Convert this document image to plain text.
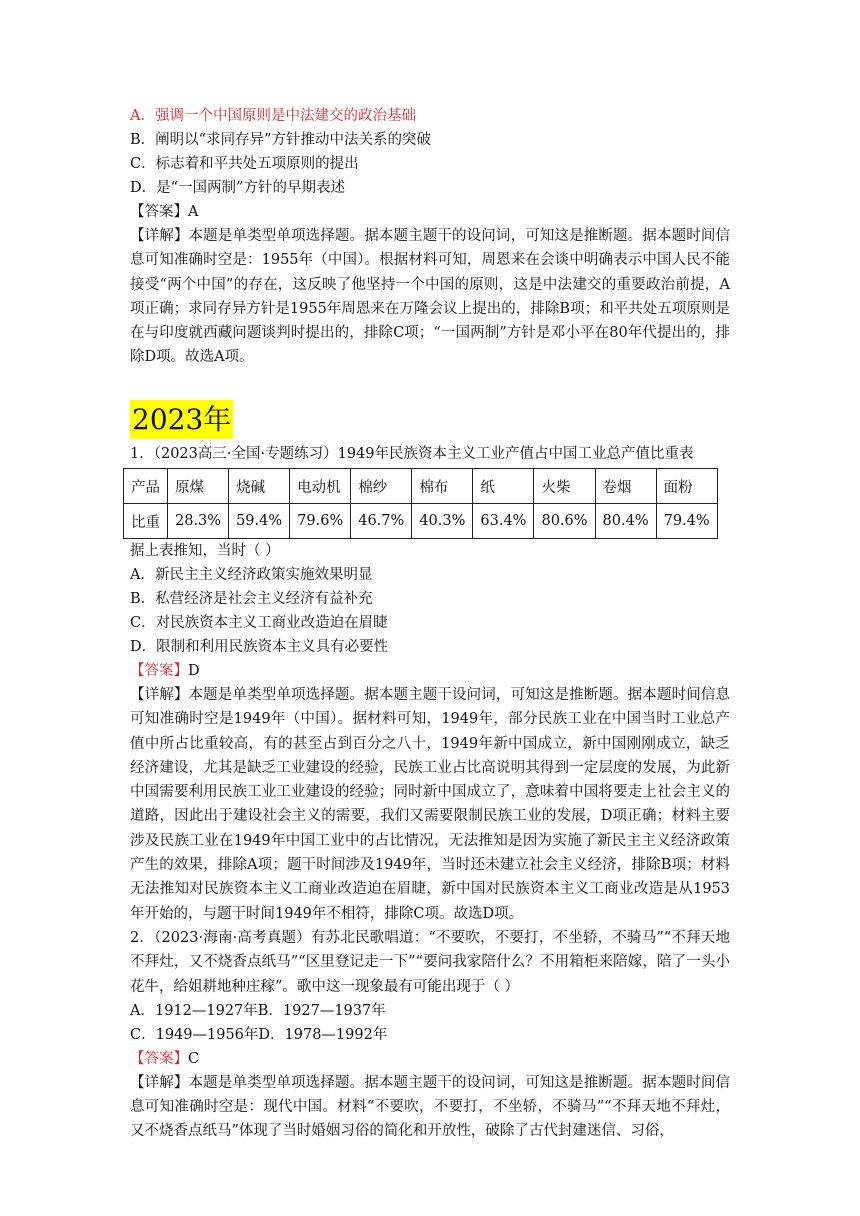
A．强调一个中国原则是中法建交的政治基础
B．阐明以“求同存异”方针推动中法关系的突破
C．标志着和平共处五项原则的提出
D．是“一国两制”方针的早期表述
【答案】A

【详解】本题是单类型单项选择题。据本题主题干的设问词，可知这是推断题。据本题时间信息可知准确时空是：1955年（中国）。根据材料可知，周恩来在会谈中明确表示中国人民不能接受“两个中国”的存在，这反映了他坚持一个中国的原则，这是中法建交的重要政治前提，A项正确；求同存异方针是1955年周恩来在万隆会议上提出的，排除B项；和平共处五项原则是在与印度就西藏问题谈判时提出的，排除C项；“一国两制”方针是邓小平在80年代提出的，排除D项。故选A项。

2023年
1．（2023高三·全国·专题练习）1949年民族资本主义工业产值占中国工业总产值比重表
产品	原煤	烧碱	电动机	棉纱	棉布	纸	火柴	卷烟	面粉
比重	28.3%	59.4%	79.6%	46.7%	40.3%	63.4%	80.6%	80.4%	79.4%
据上表推知，当时（ ）
A．新民主主义经济政策实施效果明显
B．私营经济是社会主义经济有益补充
C．对民族资本主义工商业改造迫在眉睫
D．限制和利用民族资本主义具有必要性
【答案】D

【详解】本题是单类型单项选择题。据本题主题干设问词，可知这是推断题。据本题时间信息可知准确时空是1949年（中国）。据材料可知，1949年，部分民族工业在中国当时工业总产值中所占比重较高，有的甚至占到百分之八十，1949年新中国成立，新中国刚刚成立，缺乏经济建设，尤其是缺乏工业建设的经验，民族工业占比高说明其得到一定层度的发展，为此新中国需要利用民族工业工业建设的经验；同时新中国成立了，意味着中国将要走上社会主义的道路，因此出于建设社会主义的需要，我们又需要限制民族工业的发展，D项正确；材料主要涉及民族工业在1949年中国工业中的占比情况，无法推知是因为实施了新民主主义经济政策产生的效果，排除A项；题干时间涉及1949年，当时还未建立社会主义经济，排除B项；材料无法推知对民族资本主义工商业改造迫在眉睫，新中国对民族资本主义工商业改造是从1953年开始的，与题干时间1949年不相符，排除C项。故选D项。

2．（2023·海南·高考真题）有苏北民歌唱道：“不要吹，不要打，不坐轿，不骑马”“不拜天地不拜灶，又不烧香点纸马”“区里登记走一下”“要问我家陪什么？不用箱柜来陪嫁，陪了一头小花牛，给姐耕地种庄稼”。歌中这一现象最有可能出现于（ ）

A．1912—1927年B．1927—1937年
C．1949—1956年D．1978—1992年
【答案】C

【详解】本题是单类型单项选择题。据本题主题干的设问词，可知这是推断题。据本题时间信息可知准确时空是：现代中国。材料“不要吹，不要打，不坐轿，不骑马”“不拜天地不拜灶，又不烧香点纸马”体现了当时婚姻习俗的简化和开放性，破除了古代封建迷信、习俗，
